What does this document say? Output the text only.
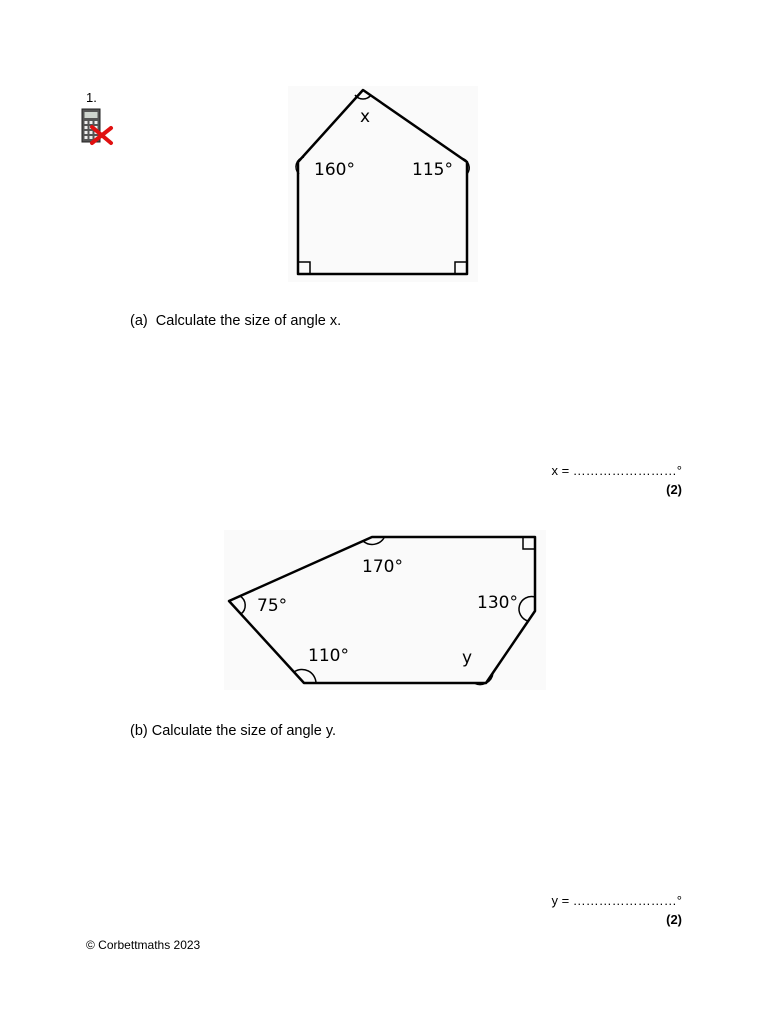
1.
x
160°	115°
(a) Calculate the size of angle x.
x = ……………………°
(2)
170°
75°	130°
110°	y
(b) Calculate the size of angle y.
y = ……………………°
(2)
© Corbettmaths 2023
